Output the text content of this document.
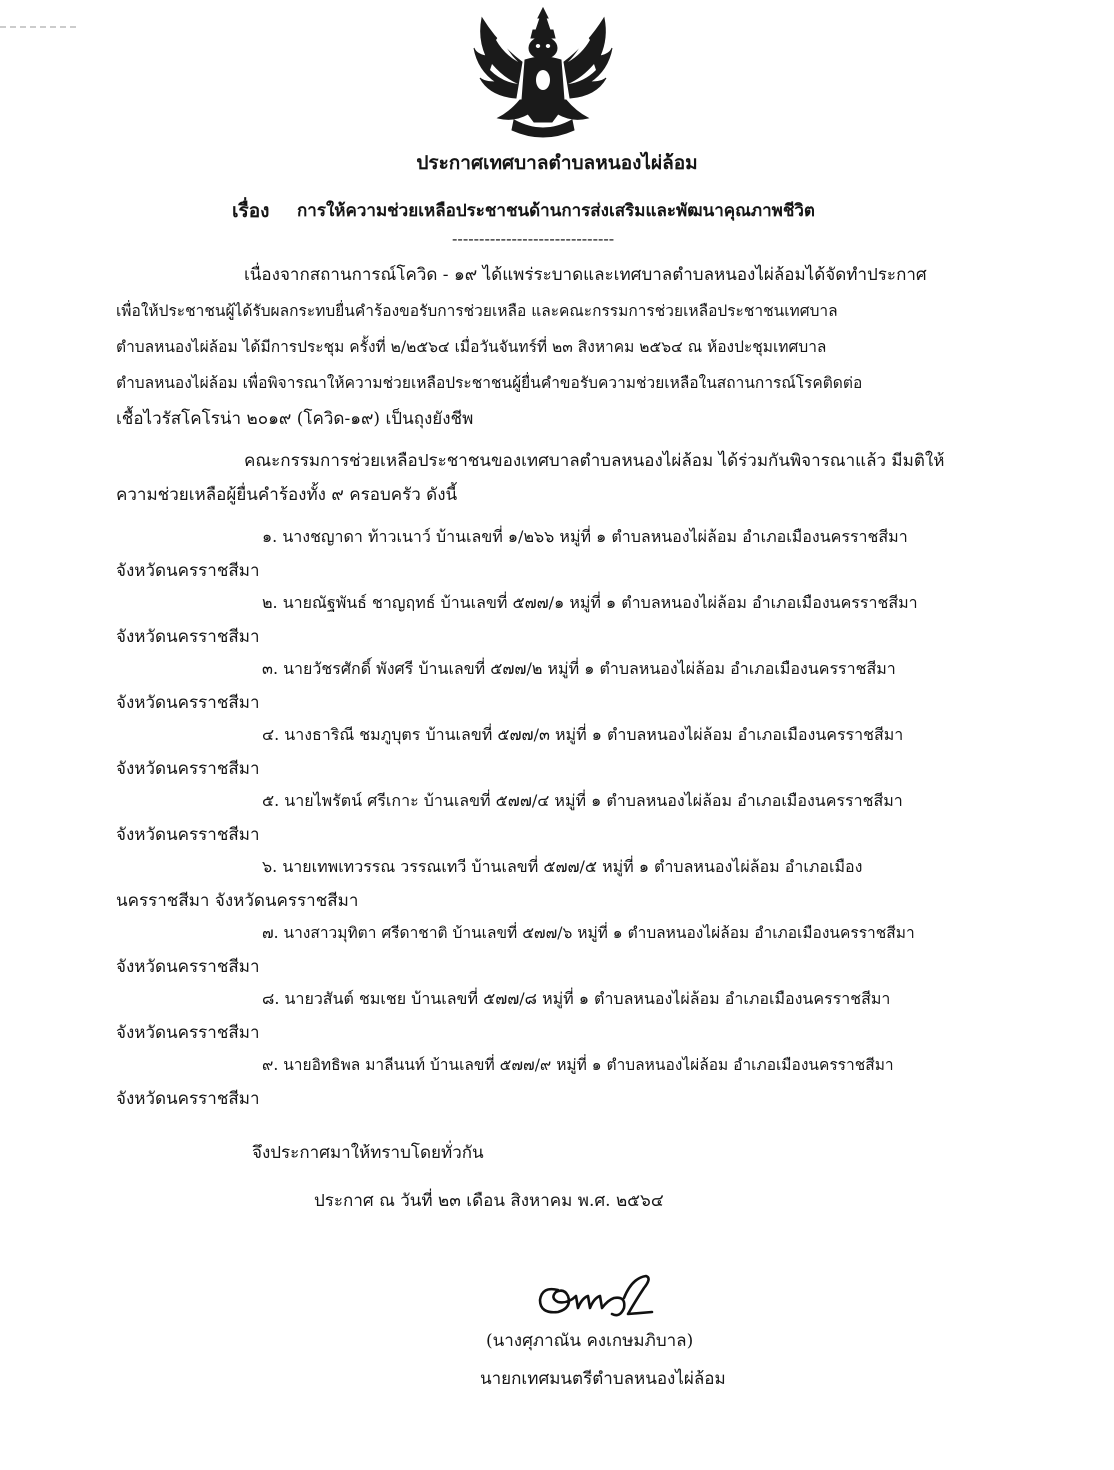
ประกาศเทศบาลตำบลหนองไผ่ล้อม
เรื่อง การให้ความช่วยเหลือประชาชนด้านการส่งเสริมและพัฒนาคุณภาพชีวิต
------------------------------
เนื่องจากสถานการณ์โควิด - ๑๙ ได้แพร่ระบาดและเทศบาลตำบลหนองไผ่ล้อมได้จัดทำประกาศ
เพื่อให้ประชาชนผู้ได้รับผลกระทบยื่นคำร้องขอรับการช่วยเหลือ และคณะกรรมการช่วยเหลือประชาชนเทศบาล
ตำบลหนองไผ่ล้อม ได้มีการประชุม ครั้งที่ ๒/๒๕๖๔ เมื่อวันจันทร์ที่ ๒๓ สิงหาคม ๒๕๖๔ ณ ห้องปะชุมเทศบาล
ตำบลหนองไผ่ล้อม เพื่อพิจารณาให้ความช่วยเหลือประชาชนผู้ยื่นคำขอรับความช่วยเหลือในสถานการณ์โรคติดต่อ
เชื้อไวรัสโคโรน่า ๒๐๑๙ (โควิด-๑๙) เป็นถุงยังชีพ
คณะกรรมการช่วยเหลือประชาชนของเทศบาลตำบลหนองไผ่ล้อม ได้ร่วมกันพิจารณาแล้ว มีมติให้
ความช่วยเหลือผู้ยื่นคำร้องทั้ง ๙ ครอบครัว ดังนี้
๑. นางชญาดา ท้าวเนาว์ บ้านเลขที่ ๑/๒๖๖ หมู่ที่ ๑ ตำบลหนองไผ่ล้อม อำเภอเมืองนครราชสีมา
จังหวัดนครราชสีมา
๒. นายณัฐพันธ์ ชาญฤทธ์ บ้านเลขที่ ๕๗๗/๑ หมู่ที่ ๑ ตำบลหนองไผ่ล้อม อำเภอเมืองนครราชสีมา
จังหวัดนครราชสีมา
๓. นายวัชรศักดิ์ พังศรี บ้านเลขที่ ๕๗๗/๒ หมู่ที่ ๑ ตำบลหนองไผ่ล้อม อำเภอเมืองนครราชสีมา
จังหวัดนครราชสีมา
๔. นางธาริณี ชมภูบุตร บ้านเลขที่ ๕๗๗/๓ หมู่ที่ ๑ ตำบลหนองไผ่ล้อม อำเภอเมืองนครราชสีมา
จังหวัดนครราชสีมา
๕. นายไพรัตน์ ศรีเกาะ บ้านเลขที่ ๕๗๗/๔ หมู่ที่ ๑ ตำบลหนองไผ่ล้อม อำเภอเมืองนครราชสีมา
จังหวัดนครราชสีมา
๖. นายเทพเทวรรณ วรรณเทวี บ้านเลขที่ ๕๗๗/๕ หมู่ที่ ๑ ตำบลหนองไผ่ล้อม อำเภอเมือง
นครราชสีมา จังหวัดนครราชสีมา
๗. นางสาวมุทิตา ศรีดาชาติ บ้านเลขที่ ๕๗๗/๖ หมู่ที่ ๑ ตำบลหนองไผ่ล้อม อำเภอเมืองนครราชสีมา
จังหวัดนครราชสีมา
๘. นายวสันต์ ชมเชย บ้านเลขที่ ๕๗๗/๘ หมู่ที่ ๑ ตำบลหนองไผ่ล้อม อำเภอเมืองนครราชสีมา
จังหวัดนครราชสีมา
๙. นายอิทธิพล มาลีนนท์ บ้านเลขที่ ๕๗๗/๙ หมู่ที่ ๑ ตำบลหนองไผ่ล้อม อำเภอเมืองนครราชสีมา
จังหวัดนครราชสีมา
จึงประกาศมาให้ทราบโดยทั่วกัน
ประกาศ ณ วันที่ ๒๓ เดือน สิงหาคม พ.ศ. ๒๕๖๔
(นางศุภาณัน คงเกษมภิบาล)
นายกเทศมนตรีตำบลหนองไผ่ล้อม
